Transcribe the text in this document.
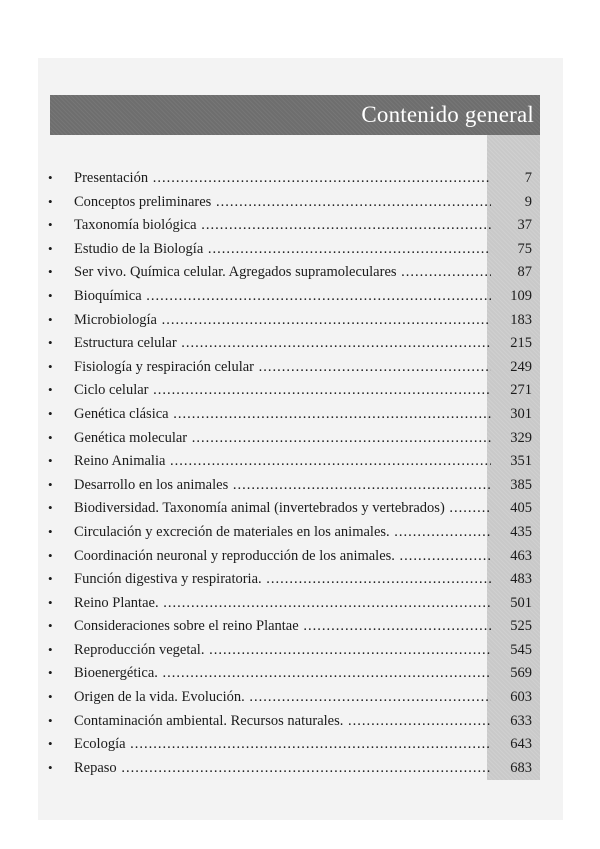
Contenido general
• Presentación .....	7
• Conceptos preliminares .....	9
• Taxonomía biológica .....	37
• Estudio de la Biología .....	75
• Ser vivo. Química celular. Agregados supramoleculares .....	87
• Bioquímica .....	109
• Microbiología .....	183
• Estructura celular .....	215
• Fisiología y respiración celular .....	249
• Ciclo celular .....	271
• Genética clásica .....	301
• Genética molecular .....	329
• Reino Animalia .....	351
• Desarrollo en los animales .....	385
• Biodiversidad. Taxonomía animal (invertebrados y vertebrados) .....	405
• Circulación y excreción de materiales en los animales. .....	435
• Coordinación neuronal y reproducción de los animales. .....	463
• Función digestiva y respiratoria. .....	483
• Reino Plantae. .....	501
• Consideraciones sobre el reino Plantae .....	525
• Reproducción vegetal. .....	545
• Bioenergética. .....	569
• Origen de la vida. Evolución. .....	603
• Contaminación ambiental. Recursos naturales. .....	633
• Ecología .....	643
• Repaso .....	683
